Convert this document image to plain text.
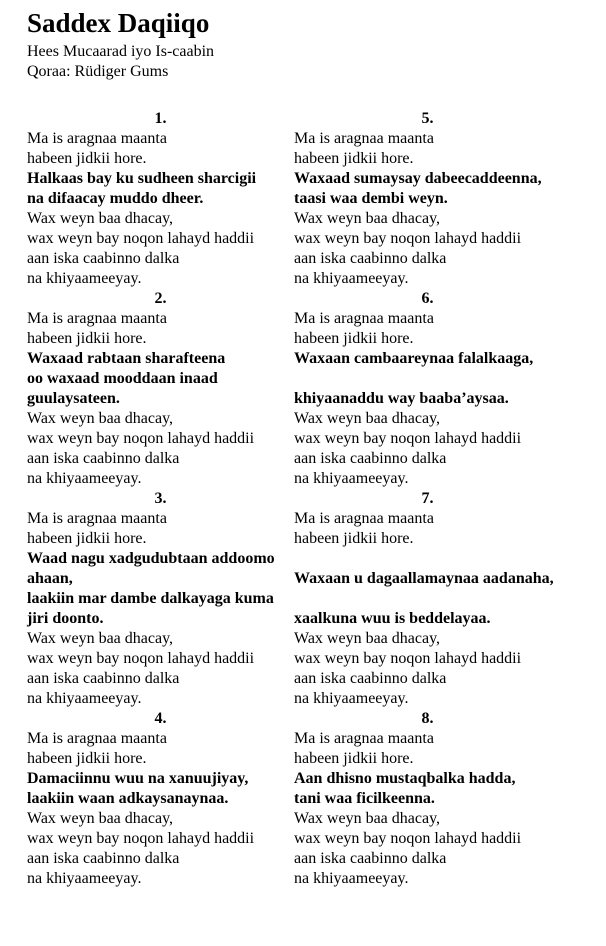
Saddex Daqiiqo
Hees Mucaarad iyo Is-caabin
Qoraa: Rüdiger Gums
1.
Ma is aragnaa maanta
habeen jidkii hore.
Halkaas bay ku sudheen sharcigii
na difaacay muddo dheer.
Wax weyn baa dhacay,
wax weyn bay noqon lahayd haddii
aan iska caabinno dalka
na khiyaameeyay.
2.
Ma is aragnaa maanta
habeen jidkii hore.
Waxaad rabtaan sharafteena
oo waxaad mooddaan inaad
guulaysateen.
Wax weyn baa dhacay,
wax weyn bay noqon lahayd haddii
aan iska caabinno dalka
na khiyaameeyay.
3.
Ma is aragnaa maanta
habeen jidkii hore.
Waad nagu xadgudubtaan addoomo
ahaan,
laakiin mar dambe dalkayaga kuma
jiri doonto.
Wax weyn baa dhacay,
wax weyn bay noqon lahayd haddii
aan iska caabinno dalka
na khiyaameeyay.
4.
Ma is aragnaa maanta
habeen jidkii hore.
Damaciinnu wuu na xanuujiyay,
laakiin waan adkaysanaynaa.
Wax weyn baa dhacay,
wax weyn bay noqon lahayd haddii
aan iska caabinno dalka
na khiyaameeyay.
5.
Ma is aragnaa maanta
habeen jidkii hore.
Waxaad sumaysay dabeecaddeenna,
taasi waa dembi weyn.
Wax weyn baa dhacay,
wax weyn bay noqon lahayd haddii
aan iska caabinno dalka
na khiyaameeyay.
6.
Ma is aragnaa maanta
habeen jidkii hore.
Waxaan cambaareynaa falalkaaga,

khiyaanaddu way baaba’aysaa.
Wax weyn baa dhacay,
wax weyn bay noqon lahayd haddii
aan iska caabinno dalka
na khiyaameeyay.
7.
Ma is aragnaa maanta
habeen jidkii hore.

Waxaan u dagaallamaynaa aadanaha,

xaalkuna wuu is beddelayaa.
Wax weyn baa dhacay,
wax weyn bay noqon lahayd haddii
aan iska caabinno dalka
na khiyaameeyay.
8.
Ma is aragnaa maanta
habeen jidkii hore.
Aan dhisno mustaqbalka hadda,
tani waa ficilkeenna.
Wax weyn baa dhacay,
wax weyn bay noqon lahayd haddii
aan iska caabinno dalka
na khiyaameeyay.
